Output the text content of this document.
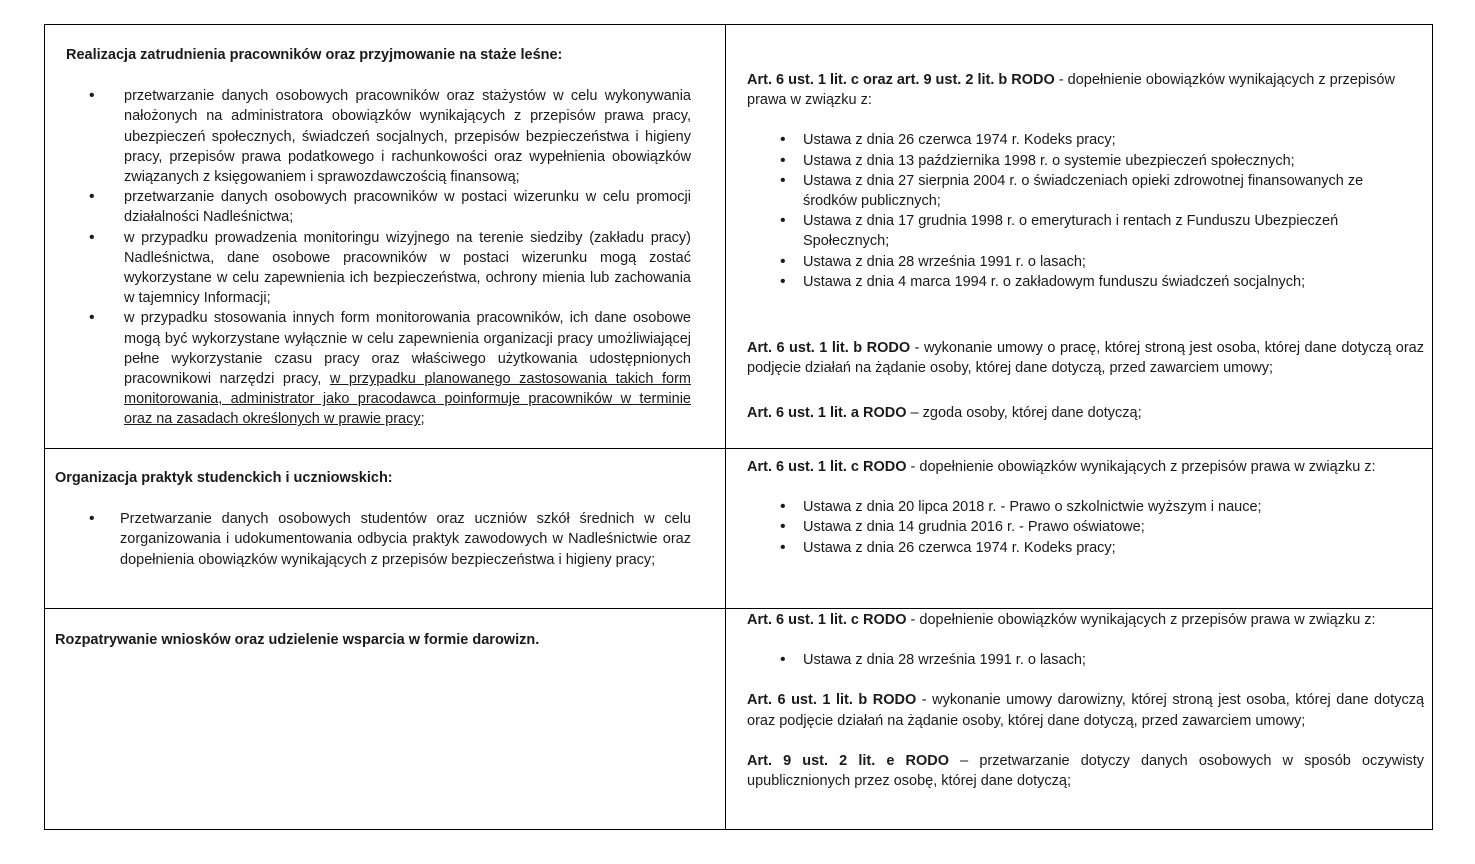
Realizacja zatrudnienia pracowników oraz przyjmowanie na staże leśne:

• przetwarzanie danych osobowych pracowników oraz stażystów w celu wykonywania nałożonych na administratora obowiązków wynikających z przepisów prawa pracy, ubezpieczeń społecznych, świadczeń socjalnych, przepisów bezpieczeństwa i higieny pracy, przepisów prawa podatkowego i rachunkowości oraz wypełnienia obowiązków związanych z księgowaniem i sprawozdawczością finansową;
• przetwarzanie danych osobowych pracowników w postaci wizerunku w celu promocji działalności Nadleśnictwa;
• w przypadku prowadzenia monitoringu wizyjnego na terenie siedziby (zakładu pracy) Nadleśnictwa, dane osobowe pracowników w postaci wizerunku mogą zostać wykorzystane w celu zapewnienia ich bezpieczeństwa, ochrony mienia lub zachowania w tajemnicy Informacji;
• w przypadku stosowania innych form monitorowania pracowników, ich dane osobowe mogą być wykorzystane wyłącznie w celu zapewnienia organizacji pracy umożliwiającej pełne wykorzystanie czasu pracy oraz właściwego użytkowania udostępnionych pracownikowi narzędzi pracy, w przypadku planowanego zastosowania takich form monitorowania, administrator jako pracodawca poinformuje pracowników w terminie oraz na zasadach określonych w prawie pracy;

Art. 6 ust. 1 lit. c oraz art. 9 ust. 2 lit. b RODO - dopełnienie obowiązków wynikających z przepisów prawa w związku z:

• Ustawa z dnia 26 czerwca 1974 r. Kodeks pracy;
• Ustawa z dnia 13 października 1998 r. o systemie ubezpieczeń społecznych;
• Ustawa z dnia 27 sierpnia 2004 r. o świadczeniach opieki zdrowotnej finansowanych ze środków publicznych;
• Ustawa z dnia 17 grudnia 1998 r. o emeryturach i rentach z Funduszu Ubezpieczeń Społecznych;
• Ustawa z dnia 28 września 1991 r. o lasach;
• Ustawa z dnia 4 marca 1994 r. o zakładowym funduszu świadczeń socjalnych;

Art. 6 ust. 1 lit. b RODO - wykonanie umowy o pracę, której stroną jest osoba, której dane dotyczą oraz podjęcie działań na żądanie osoby, której dane dotyczą, przed zawarciem umowy;

Art. 6 ust. 1 lit. a RODO – zgoda osoby, której dane dotyczą;

Organizacja praktyk studenckich i uczniowskich:

• Przetwarzanie danych osobowych studentów oraz uczniów szkół średnich w celu zorganizowania i udokumentowania odbycia praktyk zawodowych w Nadleśnictwie oraz dopełnienia obowiązków wynikających z przepisów bezpieczeństwa i higieny pracy;

Art. 6 ust. 1 lit. c RODO - dopełnienie obowiązków wynikających z przepisów prawa w związku z:

• Ustawa z dnia 20 lipca 2018 r. - Prawo o szkolnictwie wyższym i nauce;
• Ustawa z dnia 14 grudnia 2016 r. - Prawo oświatowe;
• Ustawa z dnia 26 czerwca 1974 r. Kodeks pracy;

Rozpatrywanie wniosków oraz udzielenie wsparcia w formie darowizn.

Art. 6 ust. 1 lit. c RODO - dopełnienie obowiązków wynikających z przepisów prawa w związku z:

• Ustawa z dnia 28 września 1991 r. o lasach;

Art. 6 ust. 1 lit. b RODO - wykonanie umowy darowizny, której stroną jest osoba, której dane dotyczą oraz podjęcie działań na żądanie osoby, której dane dotyczą, przed zawarciem umowy;

Art. 9 ust. 2 lit. e RODO – przetwarzanie dotyczy danych osobowych w sposób oczywisty upublicznionych przez osobę, której dane dotyczą;
